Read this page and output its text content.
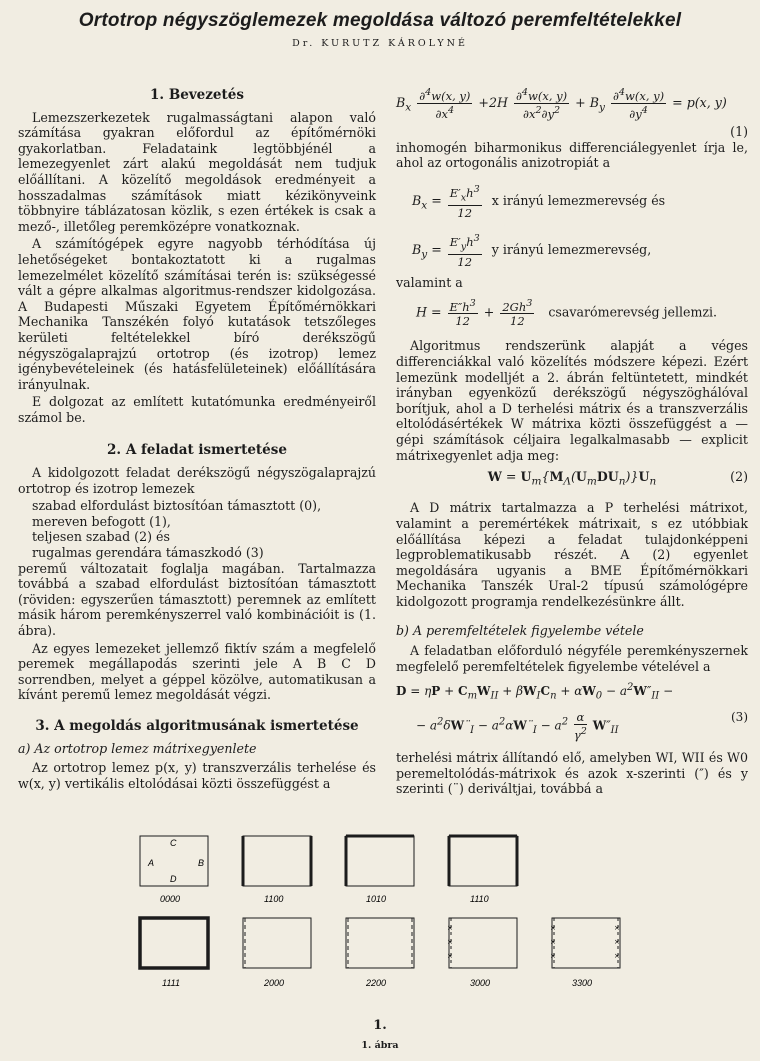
Ortotrop négyszöglemezek megoldása változó peremfeltételekkel
Dr. KURUTZ KÁROLYNÉ
1. Bevezetés

Lemezszerkezetek rugalmasságtani alapon való számítása gyakran előfordul az építőmérnöki gyakorlatban. Feladataink legtöbbjénél a lemezegyenlet zárt alakú megoldását nem tudjuk előállítani. A közelítő megoldások eredményeit a hosszadalmas számítások miatt kézikönyveink többnyire táblázatosan közlik, s ezen értékek is csak a mező-, illetőleg peremközépre vonatkoznak.

A számítógépek egyre nagyobb térhódítása új lehetőségeket bontakoztatott ki a rugalmas lemezelmélet közelítő számításai terén is: szükségessé vált a gépre alkalmas algoritmus-rendszer kidolgozása. A Budapesti Műszaki Egyetem Építőmérnökkari Mechanika Tanszékén folyó kutatások tetszőleges kerületi feltételekkel bíró derékszögű négyszögalaprajzú ortotrop (és izotrop) lemez igénybevételeinek (és hatásfelületeinek) előállítására irányulnak.

E dolgozat az említett kutatómunka eredményeiről számol be.

2. A feladat ismertetése

A kidolgozott feladat derékszögű négyszögalaprajzú ortotrop és izotrop lemezek

szabad elfordulást biztosítóan támasztott (0),
mereven befogott (1),
teljesen szabad (2) és
rugalmas gerendára támaszkodó (3)

peremű változatait foglalja magában. Tartalmazza továbbá a szabad elfordulást biztosítóan támasztott (röviden: egyszerűen támasztott) peremnek az említett másik három peremkényszerrel való kombinációit is (1. ábra).

Az egyes lemezeket jellemző fiktív szám a megfelelő peremek megállapodás szerinti jele A B C D sorrendben, melyet a géppel közölve, automatikusan a kívánt peremű lemez megoldását végzi.

3. A megoldás algoritmusának ismertetése
a) Az ortotrop lemez mátrixegyenlete

Az ortotrop lemez p(x, y) transzverzális terhelése és w(x, y) vertikális eltolódásai közti összefüggést a

$B_x \frac{\partial^4w(x, y)}{\partial x^4} +2H \frac{\partial^4w(x, y)}{\partial x^2\partial y^2} + B_y \frac{\partial^4w(x, y)}{\partial y^4} = p(x$, y)
(1)

inhomogén biharmonikus differenciálegyenlet írja le, ahol az ortogonális anizotropiát a

$B_x = \frac{E'_xh^3}{12}$ x irányú lemezmerevség és
$B_y = \frac{E'_yh^3}{12}$ y irányú lemezmerevség,

valamint a

$H = \frac{E''h^3}{12} + \frac{2Gh^3}{12}$ csavarómerevség jellemzi.

Algoritmus rendszerünk alapját a véges differenciákkal való közelítés módszere képezi. Ezért lemezünk modelljét a 2. ábrán feltüntetett, mindkét irányban egyenközű derékszögű négyszöghálóval borítjuk, ahol a D terhelési mátrix és a transzverzális eltolódásértékek W mátrixa közti összefüggést a — gépi számítások céljaira legalkalmasabb — explicit mátrixegyenlet adja meg:

$W = U_m\{M_\Lambda(U_mDU_n)\}U_n$	(2)

A D mátrix tartalmazza a P terhelési mátrixot, valamint a peremértékek mátrixait, s ez utóbbiak előállítása képezi a feladat tulajdonképpeni legproblematikusabb részét. A (2) egyenlet megoldására ugyanis a BME Építőmérnökkari Mechanika Tanszék Ural-2 típusú számológépre kidolgozott programja rendelkezésünkre állt.

b) A peremfeltételek figyelembe vétele

A feladatban előforduló négyféle peremkényszernek megfelelő peremfeltételek figyelembe vételével a

$D = \eta P + C_mW_{II} + \beta W_IC_n + \alpha W_0 - a^2W''_{II}$ −
− $a^2\delta W¨_I$ − $a^2\alpha W¨_I - a^2 \frac{\alpha}{\gamma^2} W''_{II}$
(3)

terhelési mátrix állítandó elő, amelyben WI, WII és W0 peremeltolódás-mátrixok és azok x-szerinti (″) és y szerinti (¨) deriváltjai, továbbá a

C
A	B
D
0000	1100	1010	1110
1111	2000	2200
×
×
×
3000
×
×
×
×
×
×
3300
1.
1. ábra
